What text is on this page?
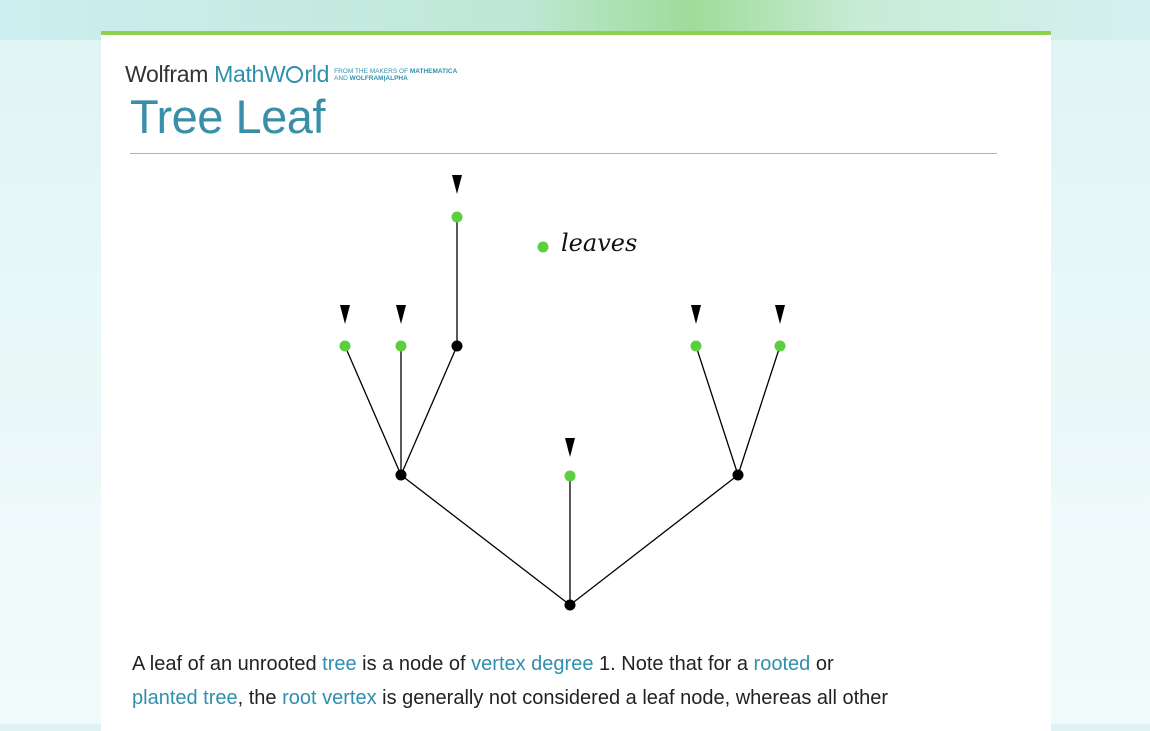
Wolfram MathW rld FROM THE MAKERS OF MATHEMATICA
AND WOLFRAM|ALPHA
Tree Leaf
leaves

A leaf of an unrooted tree is a node of vertex degree 1. Note that for a rooted or
planted tree, the root vertex is generally not considered a leaf node, whereas all other
